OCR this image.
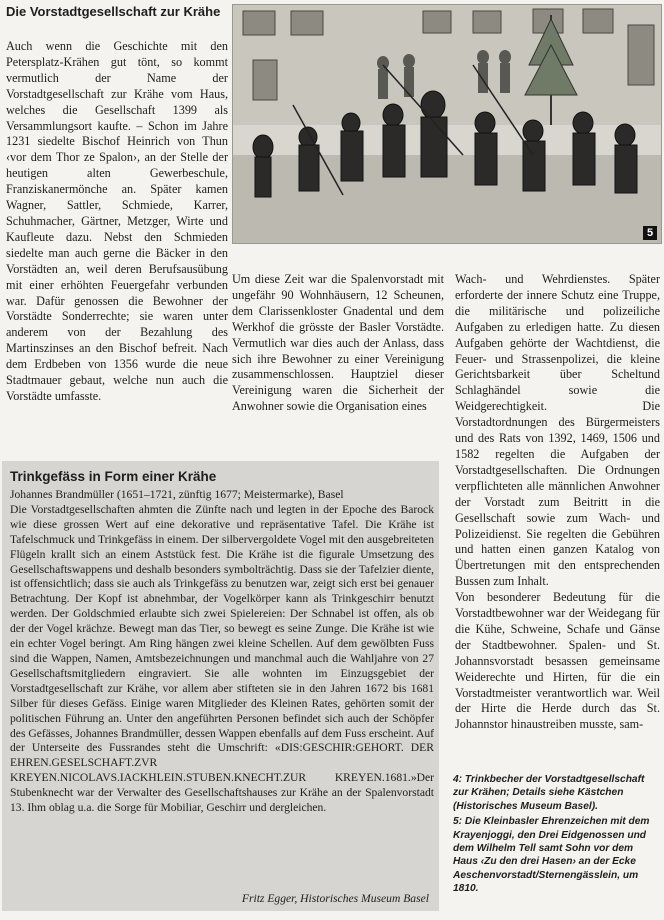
Die Vorstadtgesellschaft zur Krähe

Auch wenn die Geschichte mit den Petersplatz-Krähen gut tönt, so kommt vermutlich der Name der Vorstadtgesellschaft zur Krähe vom Haus, welches die Gesellschaft 1399 als Versammlungsort kaufte. – Schon im Jahre 1231 siedelte Bischof Heinrich von Thun ‹vor dem Thor ze Spalon›, an der Stelle der heutigen alten Gewerbeschule, Franziskanermönche an. Später kamen Wagner, Sattler, Schmiede, Karrer, Schuhmacher, Gärtner, Metzger, Wirte und Kaufleute dazu. Nebst den Schmieden siedelte man auch gerne die Bäcker in den Vorstädten an, weil deren Berufsausübung mit einer erhöhten Feuergefahr verbunden war. Dafür genossen die Bewohner der Vorstädte Sonderrechte; sie waren unter anderem von der Bezahlung des Martinszinses an den Bischof befreit. Nach dem Erdbeben von 1356 wurde die neue Stadtmauer gebaut, welche nun auch die Vorstädte umfasste.

5

Um diese Zeit war die Spalenvorstadt mit ungefähr 90 Wohnhäusern, 12 Scheunen, dem Clarissenkloster Gnadental und dem Werkhof die grösste der Basler Vorstädte. Vermutlich war dies auch der Anlass, dass sich ihre Bewohner zu einer Vereinigung zusammenschlossen. Hauptziel dieser Vereinigung waren die Sicherheit der Anwohner sowie die Organisation eines

Wach- und Wehrdienstes. Später erforderte der innere Schutz eine Truppe, die militärische und polizeiliche Aufgaben zu erledigen hatte. Zu diesen Aufgaben gehörte der Wachtdienst, die Feuer- und Strassenpolizei, die kleine Gerichtsbarkeit über Scheltund Schlaghändel sowie die Weidgerechtigkeit. Die Vorstadtordnungen des Bürgermeisters und des Rats von 1392, 1469, 1506 und 1582 regelten die Aufgaben der Vorstadtgesellschaften. Die Ordnungen verpflichteten alle männlichen Anwohner der Vorstadt zum Beitritt in die Gesellschaft sowie zum Wach- und Polizeidienst. Sie regelten die Gebühren und hatten einen ganzen Katalog von Übertretungen mit den entsprechenden Bussen zum Inhalt.

Von besonderer Bedeutung für die Vorstadtbewohner war der Weidegang für die Kühe, Schweine, Schafe und Gänse der Stadtbewohner. Spalen- und St. Johannsvorstadt besassen gemeinsame Weiderechte und Hirten, für die ein Vorstadtmeister verantwortlich war. Weil der Hirte die Herde durch das St. Johannstor hinaustreiben musste, sam-

Trinkgefäss in Form einer Krähe

Johannes Brandmüller (1651–1721, zünftig 1677; Meistermarke), Basel

Die Vorstadtgesellschaften ahmten die Zünfte nach und legten in der Epoche des Barock wie diese grossen Wert auf eine dekorative und repräsentative Tafel. Die Krähe ist Tafelschmuck und Trinkgefäss in einem. Der silbervergoldete Vogel mit den ausgebreiteten Flügeln krallt sich an einem Aststück fest. Die Krähe ist die figurale Umsetzung des Gesellschaftswappens und deshalb besonders symbolträchtig. Dass sie der Tafelzier diente, ist offensichtlich; dass sie auch als Trinkgefäss zu benutzen war, zeigt sich erst bei genauer Betrachtung. Der Kopf ist abnehmbar, der Vogelkörper kann als Trinkgeschirr benutzt werden. Der Goldschmied erlaubte sich zwei Spielereien: Der Schnabel ist offen, als ob der der Vogel krächze. Bewegt man das Tier, so bewegt es seine Zunge. Die Krähe ist wie ein echter Vogel beringt. Am Ring hängen zwei kleine Schellen. Auf dem gewölbten Fuss sind die Wappen, Namen, Amtsbezeichnungen und manchmal auch die Wahljahre von 27 Gesellschaftsmitgliedern eingraviert. Sie alle wohnten im Einzugsgebiet der Vorstadtgesellschaft zur Krähe, vor allem aber stifteten sie in den Jahren 1672 bis 1681 Silber für dieses Gefäss. Einige waren Mitglieder des Kleinen Rates, gehörten somit der politischen Führung an. Unter den angeführten Personen befindet sich auch der Schöpfer des Gefässes, Johannes Brandmüller, dessen Wappen ebenfalls auf dem Fuss erscheint. Auf der Unterseite des Fussrandes steht die Umschrift: «DIS:GESCHIR:GEHORT. DER EHREN.GESELSCHAFT.ZVR KREYEN.NICOLAVS.IACKHLEIN.STUBEN.KNECHT.ZUR KREYEN.1681.»Der Stubenknecht war der Verwalter des Gesellschaftshauses zur Krähe an der Spalenvorstadt 13. Ihm oblag u.a. die Sorge für Mobiliar, Geschirr und dergleichen.

Fritz Egger, Historisches Museum Basel

4: Trinkbecher der Vorstadtgesellschaft zur Krähen; Details siehe Kästchen (Historisches Museum Basel).

5: Die Kleinbasler Ehrenzeichen mit dem Krayenjoggi, den Drei Eidgenossen und dem Wilhelm Tell samt Sohn vor dem Haus ‹Zu den drei Hasen› an der Ecke Aeschenvorstadt/Sternengässlein, um 1810.
